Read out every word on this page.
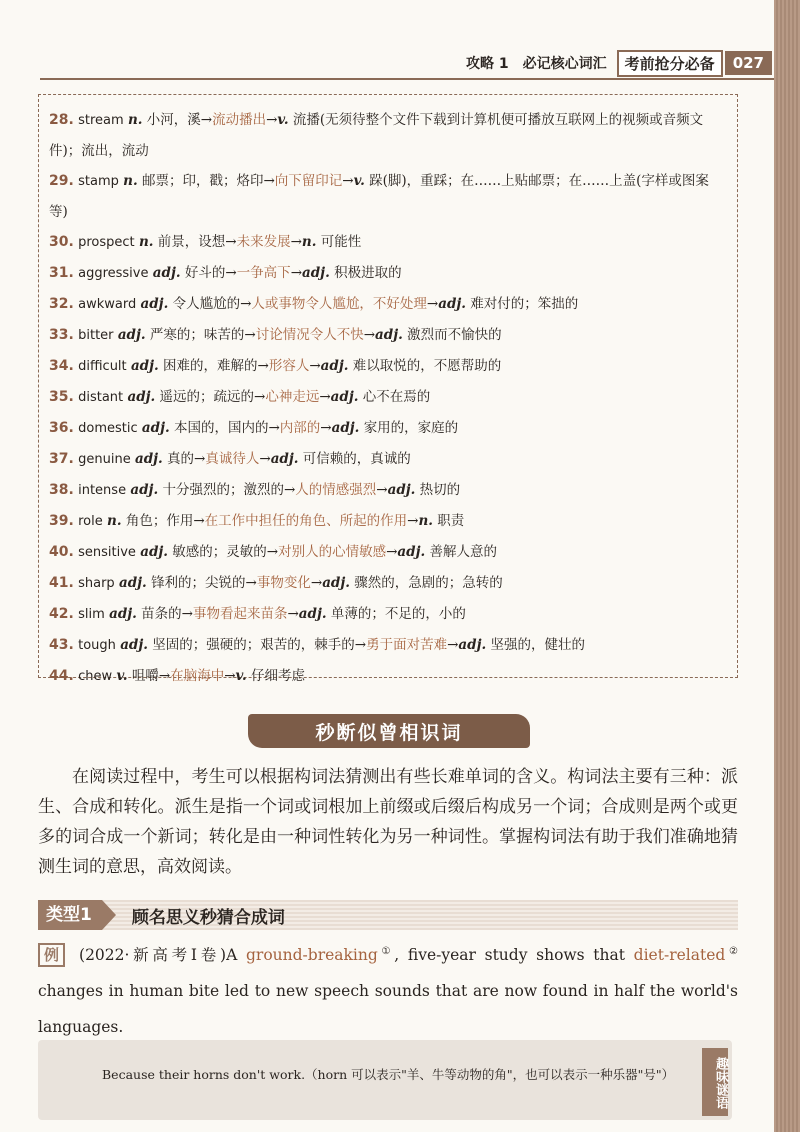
攻略 1　必记核心词汇	考前抢分必备	027
28. stream n. 小河，溪→流动播出→v. 流播(无须待整个文件下载到计算机便可播放互联网上的视频或音频文件)；流出，流动
29. stamp n. 邮票；印，戳；烙印→向下留印记→v. 跺(脚)，重踩；在……上贴邮票；在……上盖(字样或图案等)
30. prospect n. 前景，设想→未来发展→n. 可能性
31. aggressive adj. 好斗的→一争高下→adj. 积极进取的
32. awkward adj. 令人尴尬的→人或事物令人尴尬，不好处理→adj. 难对付的；笨拙的
33. bitter adj. 严寒的；味苦的→讨论情况令人不快→adj. 激烈而不愉快的
34. difficult adj. 困难的，难解的→形容人→adj. 难以取悦的，不愿帮助的
35. distant adj. 遥远的；疏远的→心神走远→adj. 心不在焉的
36. domestic adj. 本国的，国内的→内部的→adj. 家用的，家庭的
37. genuine adj. 真的→真诚待人→adj. 可信赖的，真诚的
38. intense adj. 十分强烈的；激烈的→人的情感强烈→adj. 热切的
39. role n. 角色；作用→在工作中担任的角色、所起的作用→n. 职责
40. sensitive adj. 敏感的；灵敏的→对别人的心情敏感→adj. 善解人意的
41. sharp adj. 锋利的；尖锐的→事物变化→adj. 骤然的，急剧的；急转的
42. slim adj. 苗条的→事物看起来苗条→adj. 单薄的；不足的，小的
43. tough adj. 坚固的；强硬的；艰苦的，棘手的→勇于面对苦难→adj. 坚强的，健壮的
44. chew v. 咀嚼→在脑海中→v. 仔细考虑
秒断似曾相识词

在阅读过程中，考生可以根据构词法猜测出有些长难单词的含义。构词法主要有三种：派生、合成和转化。派生是指一个词或词根加上前缀或后缀后构成另一个词；合成则是两个或更多的词合成一个新词；转化是由一种词性转化为另一种词性。掌握构词法有助于我们准确地猜测生词的意思，高效阅读。

类型1	顾名思义秒猜合成词
例 (2022·新高考Ⅰ卷)A ground-breaking①, five-year study shows that diet-related② changes in human bite led to new speech sounds that are now found in half the world's languages.
Because their horns don't work.（horn 可以表示"羊、牛等动物的角"，也可以表示一种乐器"号"）	趣味谜语
